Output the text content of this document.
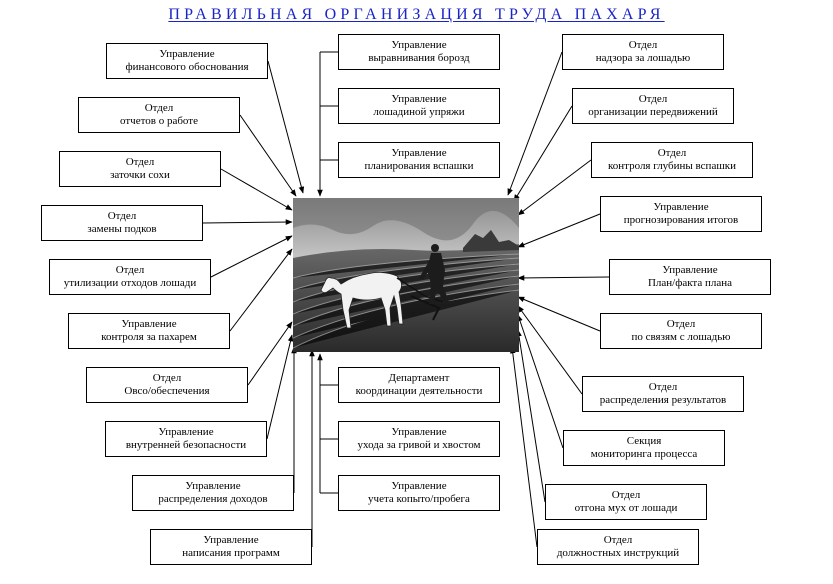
ПРАВИЛЬНАЯ ОРГАНИЗАЦИЯ ТРУДА ПАХАРЯ
Управление
финансового обоснования
Отдел
отчетов о работе
Отдел
заточки сохи
Отдел
замены подков
Отдел
утилизации отходов лошади
Управление
контроля за пахарем
Отдел
Овсо/обеспечения
Управление
внутренней безопасности
Управление
распределения доходов
Управление
написания программ
Управление
выравнивания борозд
Управление
лошадиной упряжи
Управление
планирования вспашки
Департамент
координации деятельности
Управление
ухода за гривой и хвостом
Управление
учета копыто/пробега
Отдел
надзора за лошадью
Отдел
организации передвижений
Отдел
контроля глубины вспашки
Управление
прогнозирования итогов
Управление
План/факта плана
Отдел
по связям с лошадью
Отдел
распределения результатов
Секция
мониторинга процесса
Отдел
отгона мух от лошади
Отдел
должностных инструкций
